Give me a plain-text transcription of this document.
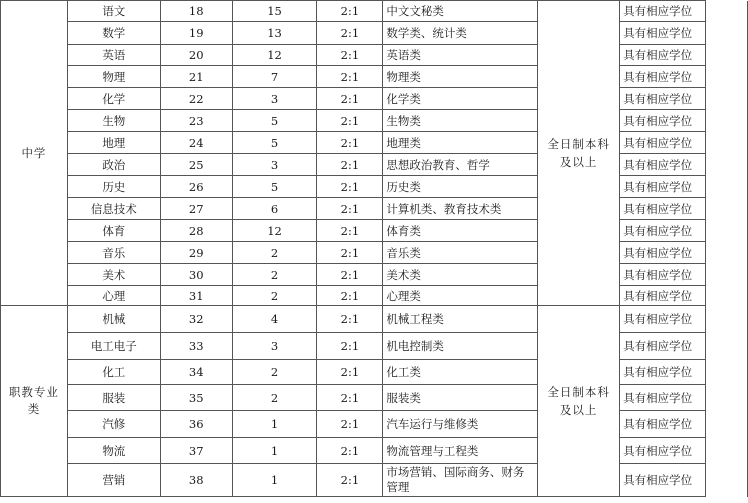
中学	语文	18	15	2:1	中文文秘类	全日制本科及以上	具有相应学位	
	数学	19	13	2:1	数学类、统计类		具有相应学位	
	英语	20	12	2:1	英语类		具有相应学位	
	物理	21	7	2:1	物理类		具有相应学位	
	化学	22	3	2:1	化学类		具有相应学位	
	生物	23	5	2:1	生物类		具有相应学位	
	地理	24	5	2:1	地理类		具有相应学位	
	政治	25	3	2:1	思想政治教育、哲学		具有相应学位	
	历史	26	5	2:1	历史类		具有相应学位	
	信息技术	27	6	2:1	计算机类、教育技术类		具有相应学位	
	体育	28	12	2:1	体育类		具有相应学位	
	音乐	29	2	2:1	音乐类		具有相应学位	
	美术	30	2	2:1	美术类		具有相应学位	
	心理	31	2	2:1	心理类		具有相应学位	
职教专业类	机械	32	4	2:1	机械工程类	全日制本科及以上	具有相应学位	
	电工电子	33	3	2:1	机电控制类		具有相应学位	
	化工	34	2	2:1	化工类		具有相应学位	
	服装	35	2	2:1	服装类		具有相应学位	
	汽修	36	1	2:1	汽车运行与维修类		具有相应学位	
	物流	37	1	2:1	物流管理与工程类		具有相应学位	
	营销	38	1	2:1	市场营销、国际商务、财务管理		具有相应学位	
